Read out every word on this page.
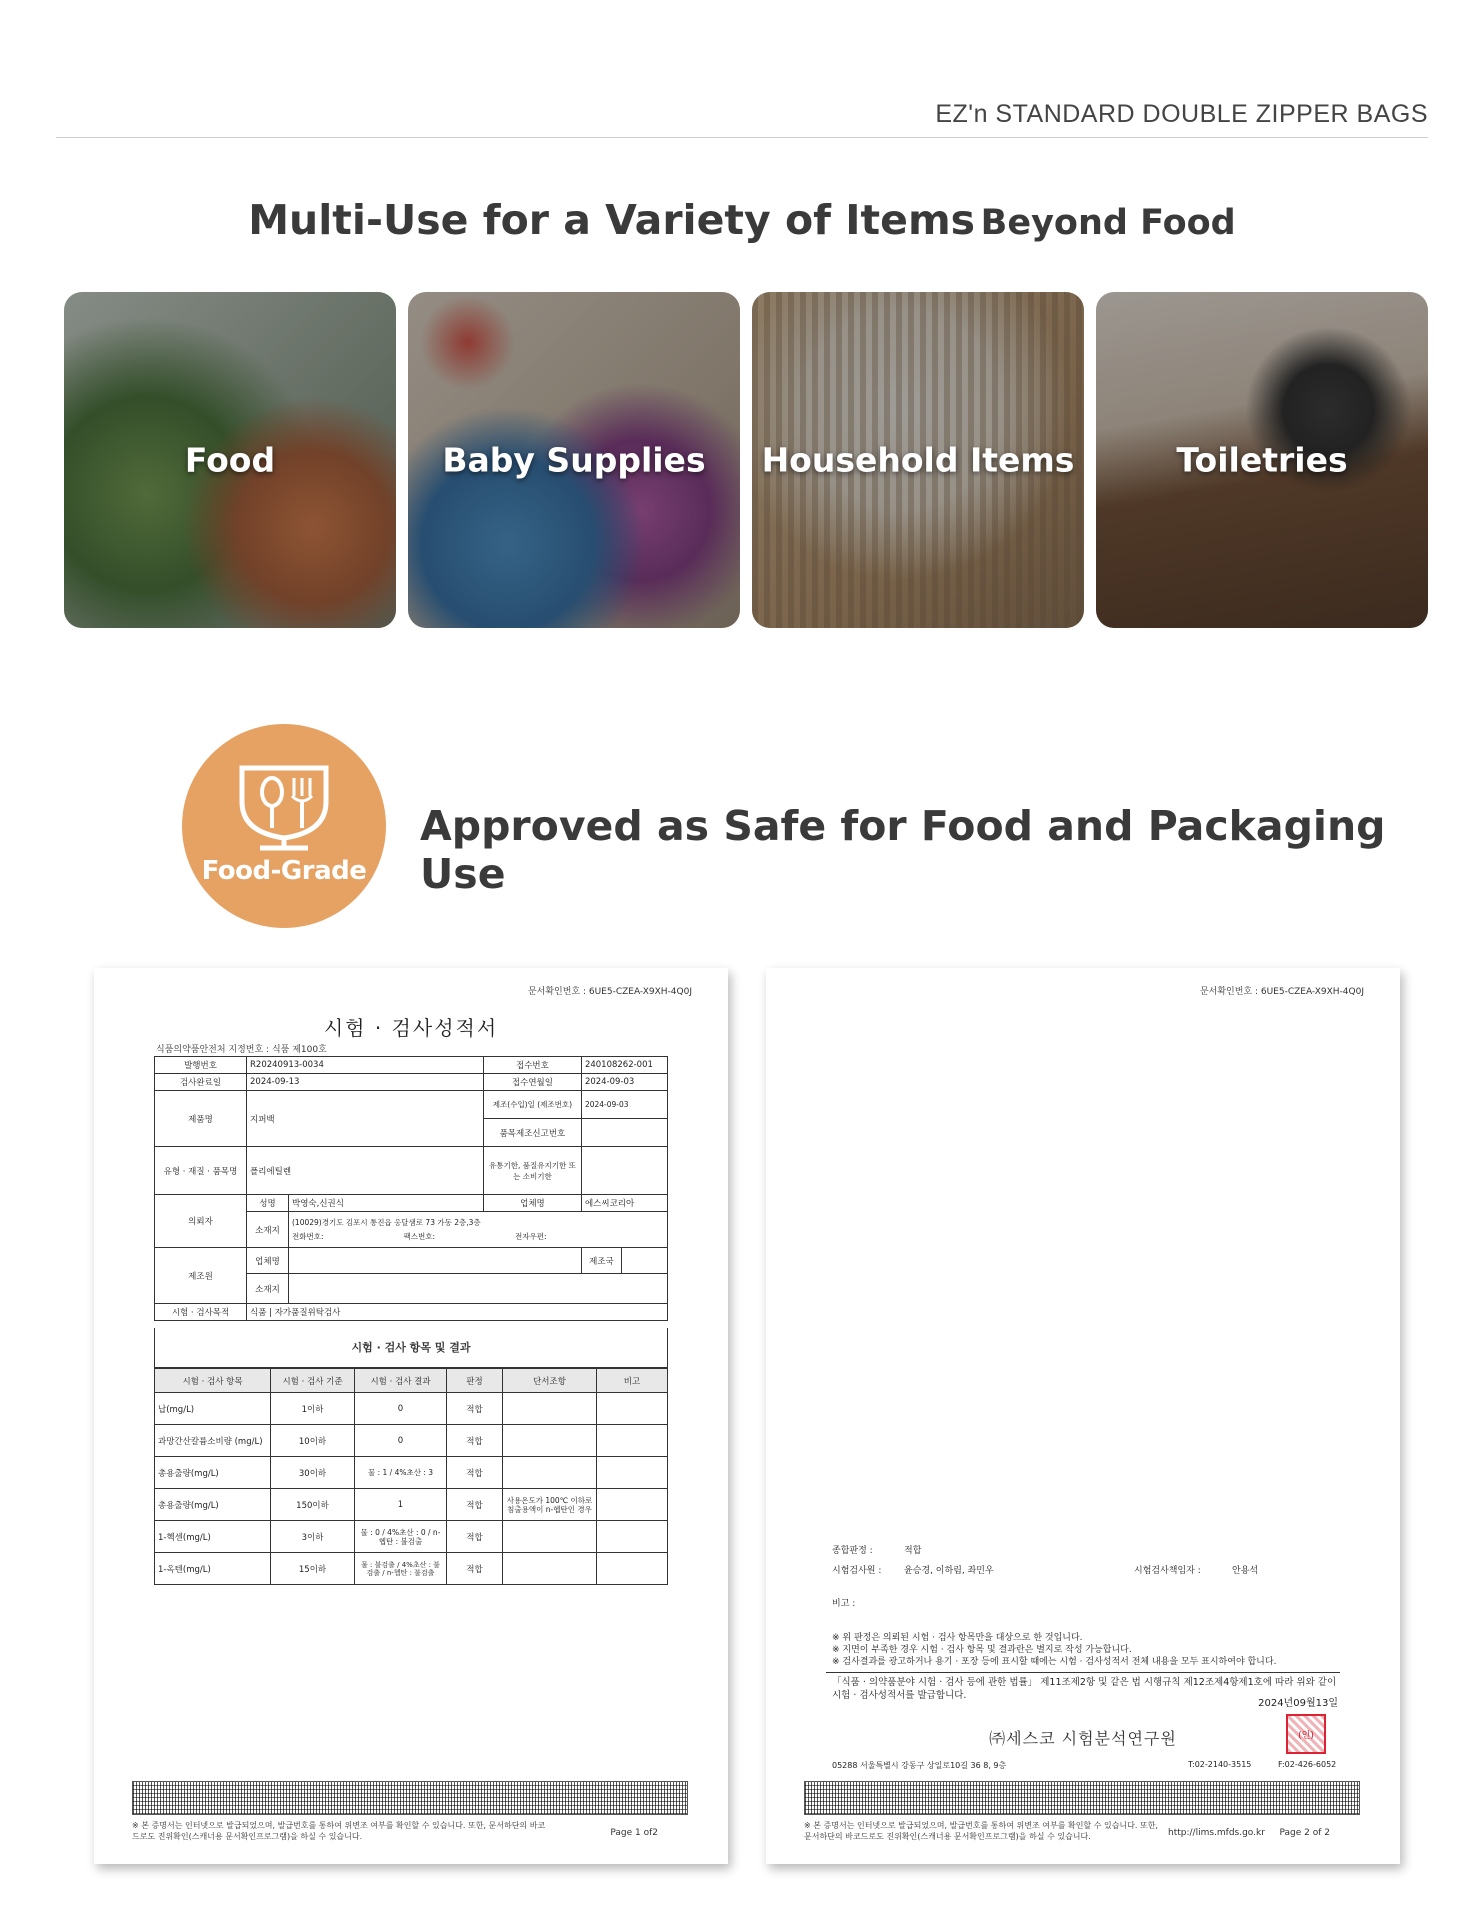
EZ'n STANDARD DOUBLE ZIPPER BAGS
Multi-Use for a Variety of Items Beyond Food
Food	Baby Supplies	Household Items	Toiletries
Food-Grade
Approved as Safe for Food and Packaging Use
문서확인번호 : 6UE5-CZEA-X9XH-4Q0J
시험 · 검사성적서
식품의약품안전처 지정번호 : 식품 제100호
발행번호	R20240913-0034		접수번호	240108262-001	
검사완료일	2024-09-13		접수연월일	2024-09-03	
제품명	지퍼백		제조(수입)일 (제조번호)	2024-09-03	
			품목제조신고번호		
유형 · 재질 · 품목명	폴리에틸렌		유통기한, 품질유지기한 또는 소비기한		
의뢰자	성명	박영숙,신권식	업체명	에스씨코리아	
	소재지	(10029)경기도 김포시 통진읍 옹달샘로 73 가동 2층,3층
전화번호: 팩스번호: 전자우편:			

제조원	업체명			제조국	
	소재지				
시험 · 검사목적	식품 | 자가품질위탁검사				
시험 · 검사 항목 및 결과
시험 · 검사 항목	시험 · 검사 기준	시험 · 검사 결과	판정	단서조항	비고
납(mg/L)	1이하	0	적합		
과망간산칼륨소비량 (mg/L)	10이하	0	적합		
총용출량(mg/L)	30이하	물 : 1 / 4%초산 : 3	적합		
총용출량(mg/L)	150이하	1	적합	사용온도가 100℃ 이하로 침출용액이 n-헵탄인 경우	
1-헥센(mg/L)	3이하	물 : 0 / 4%초산 : 0 / n-헵탄 : 불검출	적합		
1-옥텐(mg/L)	15이하	물 : 불검출 / 4%초산 : 불검출 / n-헵탄 : 불검출	적합		
※ 본 증명서는 인터넷으로 발급되었으며, 발급번호를 통하여 위변조 여부를 확인할 수 있습니다. 또한, 문서하단의 바코드로도 진위확인(스캐너용 문서확인프로그램)을 하실 수 있습니다.	Page 1 of2
문서확인번호 : 6UE5-CZEA-X9XH-4Q0J
종합판정 :	적합
시험검사원 :	윤승경, 이하림, 좌민우	시험검사책임자 :	안용석
비고 :
※ 위 판정은 의뢰된 시험 · 검사 항목만을 대상으로 한 것입니다.
※ 지면이 부족한 경우 시험 · 검사 항목 및 결과란은 별지로 작성 가능합니다.
※ 검사결과를 광고하거나 용기 · 포장 등에 표시할 때에는 시험 · 검사성적서 전체 내용을 모두 표시하여야 합니다.
「식품 · 의약품분야 시험 · 검사 등에 관한 법률」 제11조제2항 및 같은 법 시행규칙 제12조제4항제1호에 따라 위와 같이 시험 · 검사성적서를 발급합니다.
2024년09월13일
㈜세스코 시험분석연구원	(인)
05288 서울특별시 강동구 상일로10길 36 8, 9층	T:02-2140-3515	F:02-426-6052
※ 본 증명서는 인터넷으로 발급되었으며, 발급번호를 통하여 위변조 여부를 확인할 수 있습니다. 또한, 문서하단의 바코드로도 진위확인(스캐너용 문서확인프로그램)을 하실 수 있습니다.	http://lims.mfds.go.kr Page 2 of 2
